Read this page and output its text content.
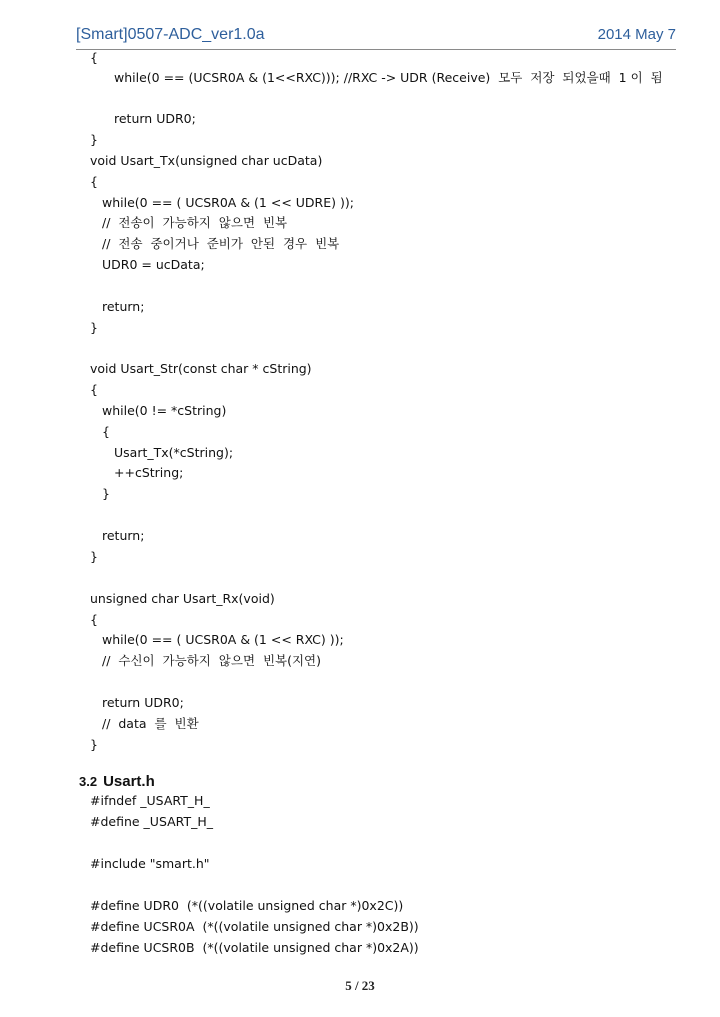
[Smart]0507-ADC_ver1.0a	2014 May 7
{
while(0 == (UCSR0A & (1<<RXC))); //RXC -> UDR (Receive)  모두  저장  되었을때  1 이  됨
return UDR0;
}
void Usart_Tx(unsigned char ucData)
{
while(0 == ( UCSR0A & (1 << UDRE) ));
//  전송이  가능하지  않으면  빈복
//  전송  중이거나  준비가  안된  경우  빈복
UDR0 = ucData;
return;
}
void Usart_Str(const char * cString)
{
while(0 != *cString)
{
Usart_Tx(*cString);
++cString;
}
return;
}
unsigned char Usart_Rx(void)
{
while(0 == ( UCSR0A & (1 << RXC) ));
//  수신이  가능하지  않으면  빈복(지연)
return UDR0;
//  data  를  빈환
}
3.2 Usart.h
#ifndef _USART_H_
#define _USART_H_
#include "smart.h"
#define UDR0  (*((volatile unsigned char *)0x2C))
#define UCSR0A  (*((volatile unsigned char *)0x2B))
#define UCSR0B  (*((volatile unsigned char *)0x2A))
5 / 23
